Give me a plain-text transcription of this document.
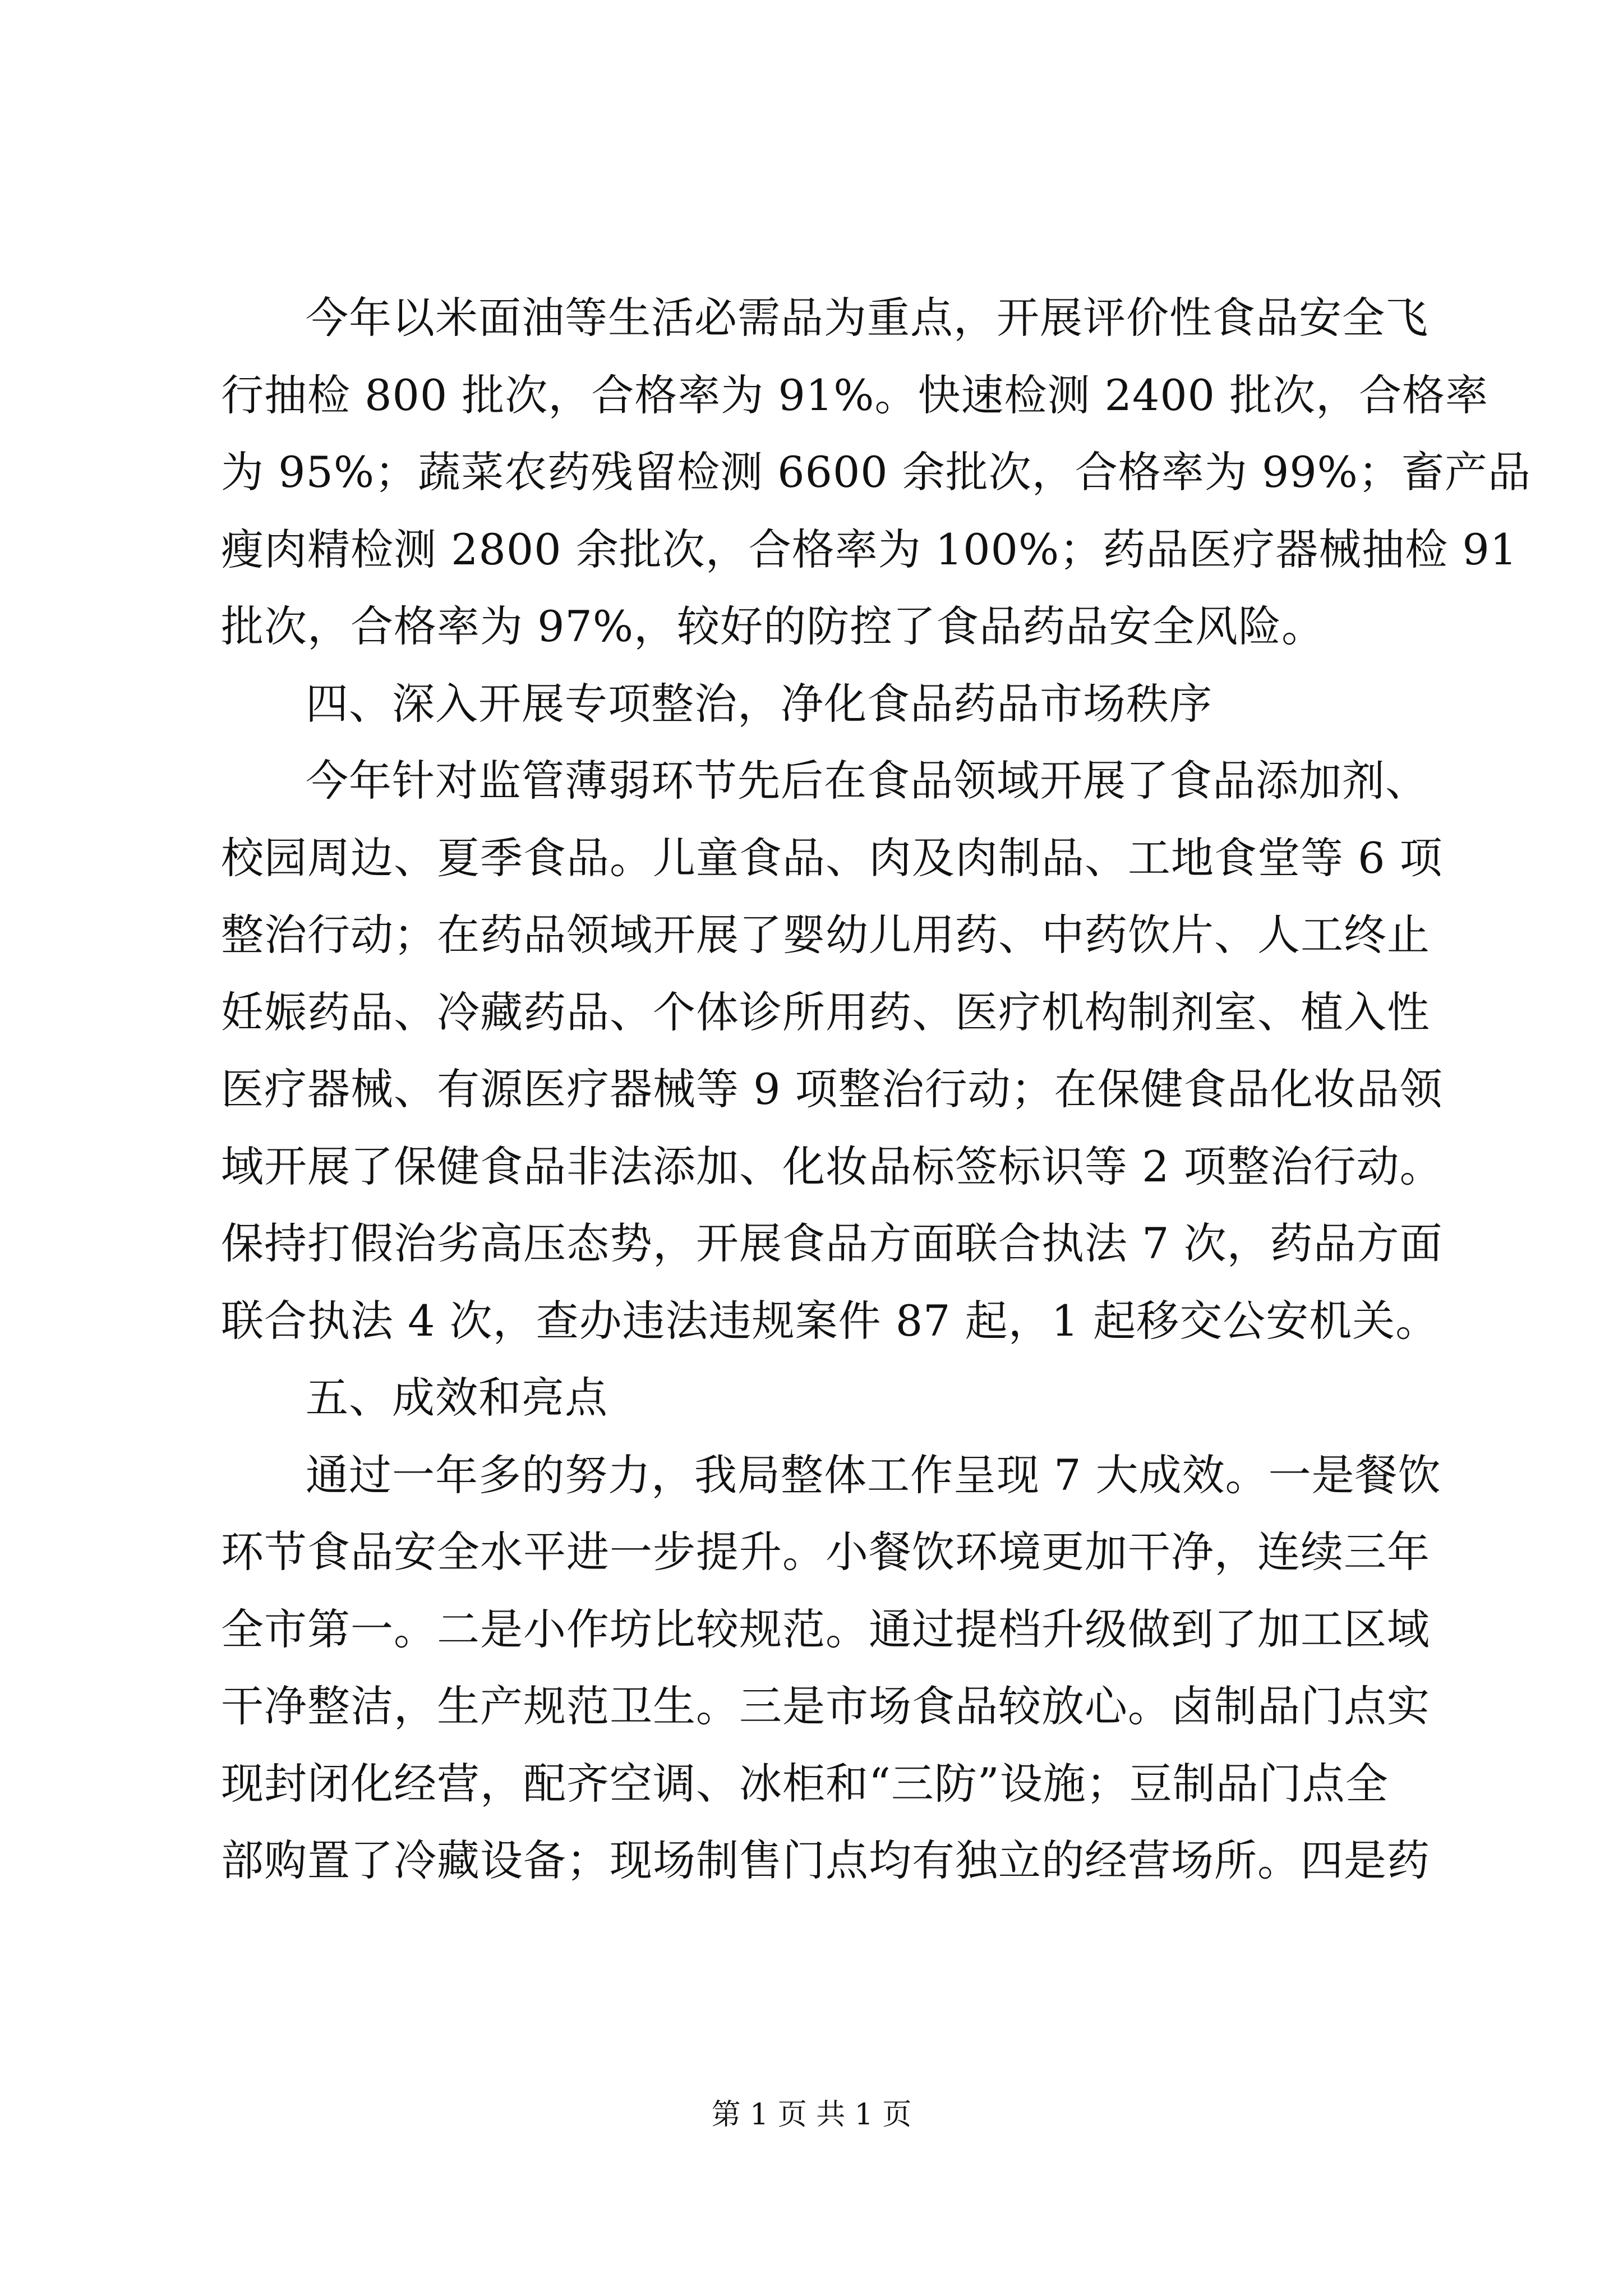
今年以米面油等生活必需品为重点，开展评价性食品安全飞
行抽检 800 批次，合格率为 91%。快速检测 2400 批次，合格率
为 95%；蔬菜农药残留检测 6600 余批次，合格率为 99%；畜产品
瘦肉精检测 2800 余批次，合格率为 100%；药品医疗器械抽检 91
批次，合格率为 97%，较好的防控了食品药品安全风险。
四、深入开展专项整治，净化食品药品市场秩序
今年针对监管薄弱环节先后在食品领域开展了食品添加剂、
校园周边、夏季食品。儿童食品、肉及肉制品、工地食堂等 6 项
整治行动；在药品领域开展了婴幼儿用药、中药饮片、人工终止
妊娠药品、冷藏药品、个体诊所用药、医疗机构制剂室、植入性
医疗器械、有源医疗器械等 9 项整治行动；在保健食品化妆品领
域开展了保健食品非法添加、化妆品标签标识等 2 项整治行动。
保持打假治劣高压态势，开展食品方面联合执法 7 次，药品方面
联合执法 4 次，查办违法违规案件 87 起，1 起移交公安机关。
五、成效和亮点
通过一年多的努力，我局整体工作呈现 7 大成效。一是餐饮
环节食品安全水平进一步提升。小餐饮环境更加干净，连续三年
全市第一。二是小作坊比较规范。通过提档升级做到了加工区域
干净整洁，生产规范卫生。三是市场食品较放心。卤制品门点实
现封闭化经营，配齐空调、冰柜和“三防”设施；豆制品门点全
部购置了冷藏设备；现场制售门点均有独立的经营场所。四是药
第 1 页 共 1 页
